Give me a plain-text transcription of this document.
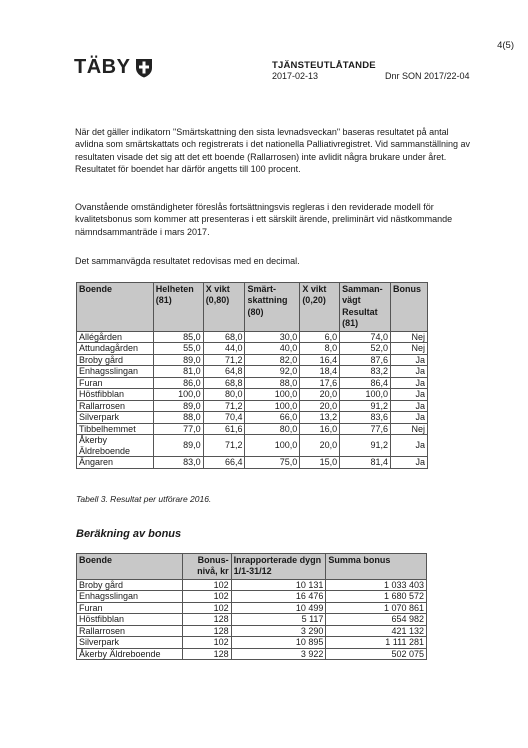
4(5)
TÄBY	TJÄNSTEUTLÅTANDE
2017-02-13	Dnr SON 2017/22-04
När det gäller indikatorn "Smärtskattning den sista levnadsveckan" baseras resultatet på antal avlidna som smärtskattats och registrerats i det nationella Palliativregistret. Vid sammanställning av resultaten visade det sig att det ett boende (Rallarrosen) inte avlidit några brukare under året. Resultatet för boendet har därför angetts till 100 procent.
Ovanstående omständigheter föreslås fortsättningsvis regleras i den reviderade modell för kvalitetsbonus som kommer att presenteras i ett särskilt ärende, preliminärt vid nästkommande nämndsammanträde i mars 2017.
Det sammanvägda resultatet redovisas med en decimal.
Boende	Helheten (81)	X vikt (0,80)	Smärt-skattning (80)	X vikt (0,20)	Samman-vägt Resultat (81)	Bonus
Allégården	85,0	68,0	30,0	6,0	74,0	Nej
Attundagården	55,0	44,0	40,0	8,0	52,0	Nej
Broby gård	89,0	71,2	82,0	16,4	87,6	Ja
Enhagsslingan	81,0	64,8	92,0	18,4	83,2	Ja
Furan	86,0	68,8	88,0	17,6	86,4	Ja
Höstfibblan	100,0	80,0	100,0	20,0	100,0	Ja
Rallarrosen	89,0	71,2	100,0	20,0	91,2	Ja
Silverpark	88,0	70,4	66,0	13,2	83,6	Ja
Tibbelhemmet	77,0	61,6	80,0	16,0	77,6	Nej
Åkerby Äldreboende	89,0	71,2	100,0	20,0	91,2	Ja
Ängaren	83,0	66,4	75,0	15,0	81,4	Ja
Tabell 3. Resultat per utförare 2016.
Beräkning av bonus
Boende	Bonus-nivå, kr	Inrapporterade dygn 1/1-31/12	Summa bonus
Broby gård	102	10 131	1 033 403
Enhagsslingan	102	16 476	1 680 572
Furan	102	10 499	1 070 861
Höstfibblan	128	5 117	654 982
Rallarrosen	128	3 290	421 132
Silverpark	102	10 895	1 111 281
Åkerby Äldreboende	128	3 922	502 075
